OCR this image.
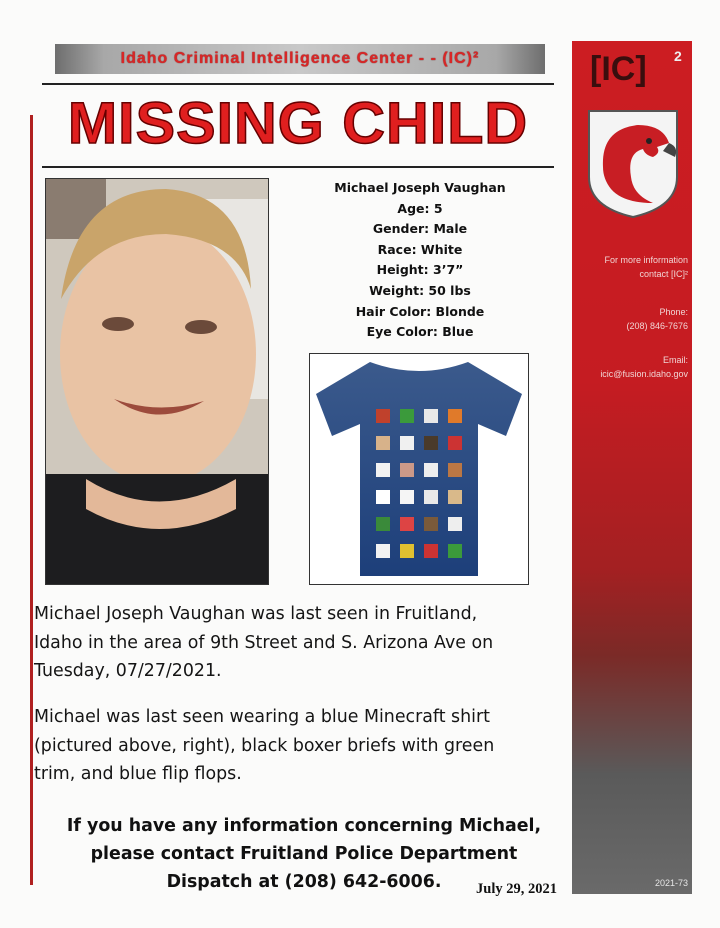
Idaho Criminal Intelligence Center - - (IC)²
MISSING CHILD
Michael Joseph Vaughan
Age: 5
Gender: Male
Race: White
Height: 3’7”
Weight: 50 lbs
Hair Color: Blonde
Eye Color: Blue
Michael Joseph Vaughan was last seen in Fruitland,
Idaho in the area of 9th Street and S. Arizona Ave on
Tuesday, 07/27/2021.
Michael was last seen wearing a blue Minecraft shirt
(pictured above, right), black boxer briefs with green
trim, and blue flip flops.
If you have any information concerning Michael,
please contact Fruitland Police Department
Dispatch at (208) 642-6006.	July 29, 2021
[IC] 2
For more information
contact [IC]²
Phone:
(208) 846-7676
Email:
icic@fusion.idaho.gov
2021-73
